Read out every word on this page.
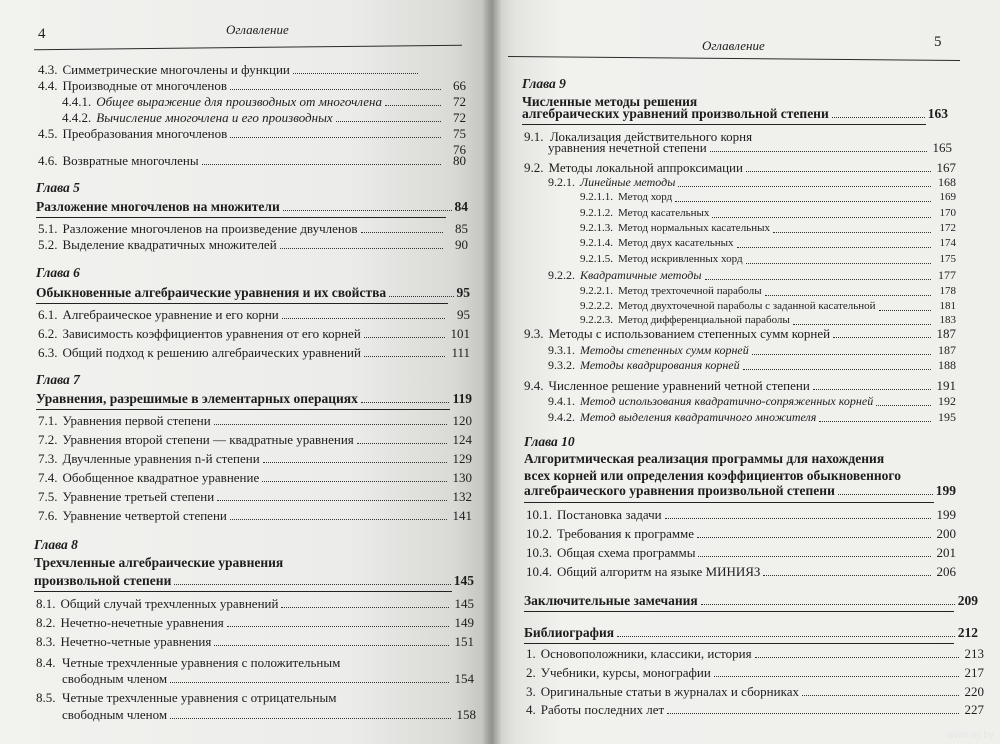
4	Оглавление
4.3. Симметрические многочлены и функции
4.4. Производные от многочленов	66
4.4.1. Общее выражение для производных от многочлена	72
4.4.2. Вычисление многочлена и его производных	72
4.5. Преобразования многочленов	75
76
4.6. Возвратные многочлены	80
Глава 5
Разложение многочленов на множители	84
5.1. Разложение многочленов на произведение двучленов	85
5.2. Выделение квадратичных множителей	90
Глава 6
Обыкновенные алгебраические уравнения и их свойства	95
6.1. Алгебраическое уравнение и его корни	95
6.2. Зависимость коэффициентов уравнения от его корней	101
6.3. Общий подход к решению алгебраических уравнений	111
Глава 7
Уравнения, разрешимые в элементарных операциях	119
7.1. Уравнения первой степени	120
7.2. Уравнения второй степени — квадратные уравнения	124
7.3. Двучленные уравнения n-й степени	129
7.4. Обобщенное квадратное уравнение	130
7.5. Уравнение третьей степени	132
7.6. Уравнение четвертой степени	141
Глава 8
Трехчленные алгебраические уравнения
произвольной степени	145
8.1. Общий случай трехчленных уравнений	145
8.2. Нечетно-нечетные уравнения	149
8.3. Нечетно-четные уравнения	151
8.4. Четные трехчленные уравнения с положительным
свободным членом	154
8.5. Четные трехчленные уравнения с отрицательным
свободным членом	158
Оглавление	5
Глава 9
Численные методы решения
алгебраических уравнений произвольной степени	163
9.1. Локализация действительного корня
уравнения нечетной степени	165
9.2. Методы локальной аппроксимации	167
9.2.1. Линейные методы	168
9.2.1.1. Метод хорд	169
9.2.1.2. Метод касательных	170
9.2.1.3. Метод нормальных касательных	172
9.2.1.4. Метод двух касательных	174
9.2.1.5. Метод искривленных хорд	175
9.2.2. Квадратичные методы	177
9.2.2.1. Метод трехточечной параболы	178
9.2.2.2. Метод двухточечной параболы с заданной касательной	181
9.2.2.3. Метод дифференциальной параболы	183
9.3. Методы с использованием степенных сумм корней	187
9.3.1. Методы степенных сумм корней	187
9.3.2. Методы квадрирования корней	188
9.4. Численное решение уравнений четной степени	191
9.4.1. Метод использования квадратично-сопряженных корней	192
9.4.2. Метод выделения квадратичного множителя	195
Глава 10
Алгоритмическая реализация программы для нахождения
всех корней или определения коэффициентов обыкновенного
алгебраического уравнения произвольной степени	199
10.1. Постановка задачи	199
10.2. Требования к программе	200
10.3. Общая схема программы	201
10.4. Общий алгоритм на языке МИНИЯЗ	206
Заключительные замечания	209
Библиография	212
1. Основоположники, классики, история	213
2. Учебники, курсы, монографии	217
3. Оригинальные статьи в журналах и сборниках	220
4. Работы последних лет	227
www.ay.by
